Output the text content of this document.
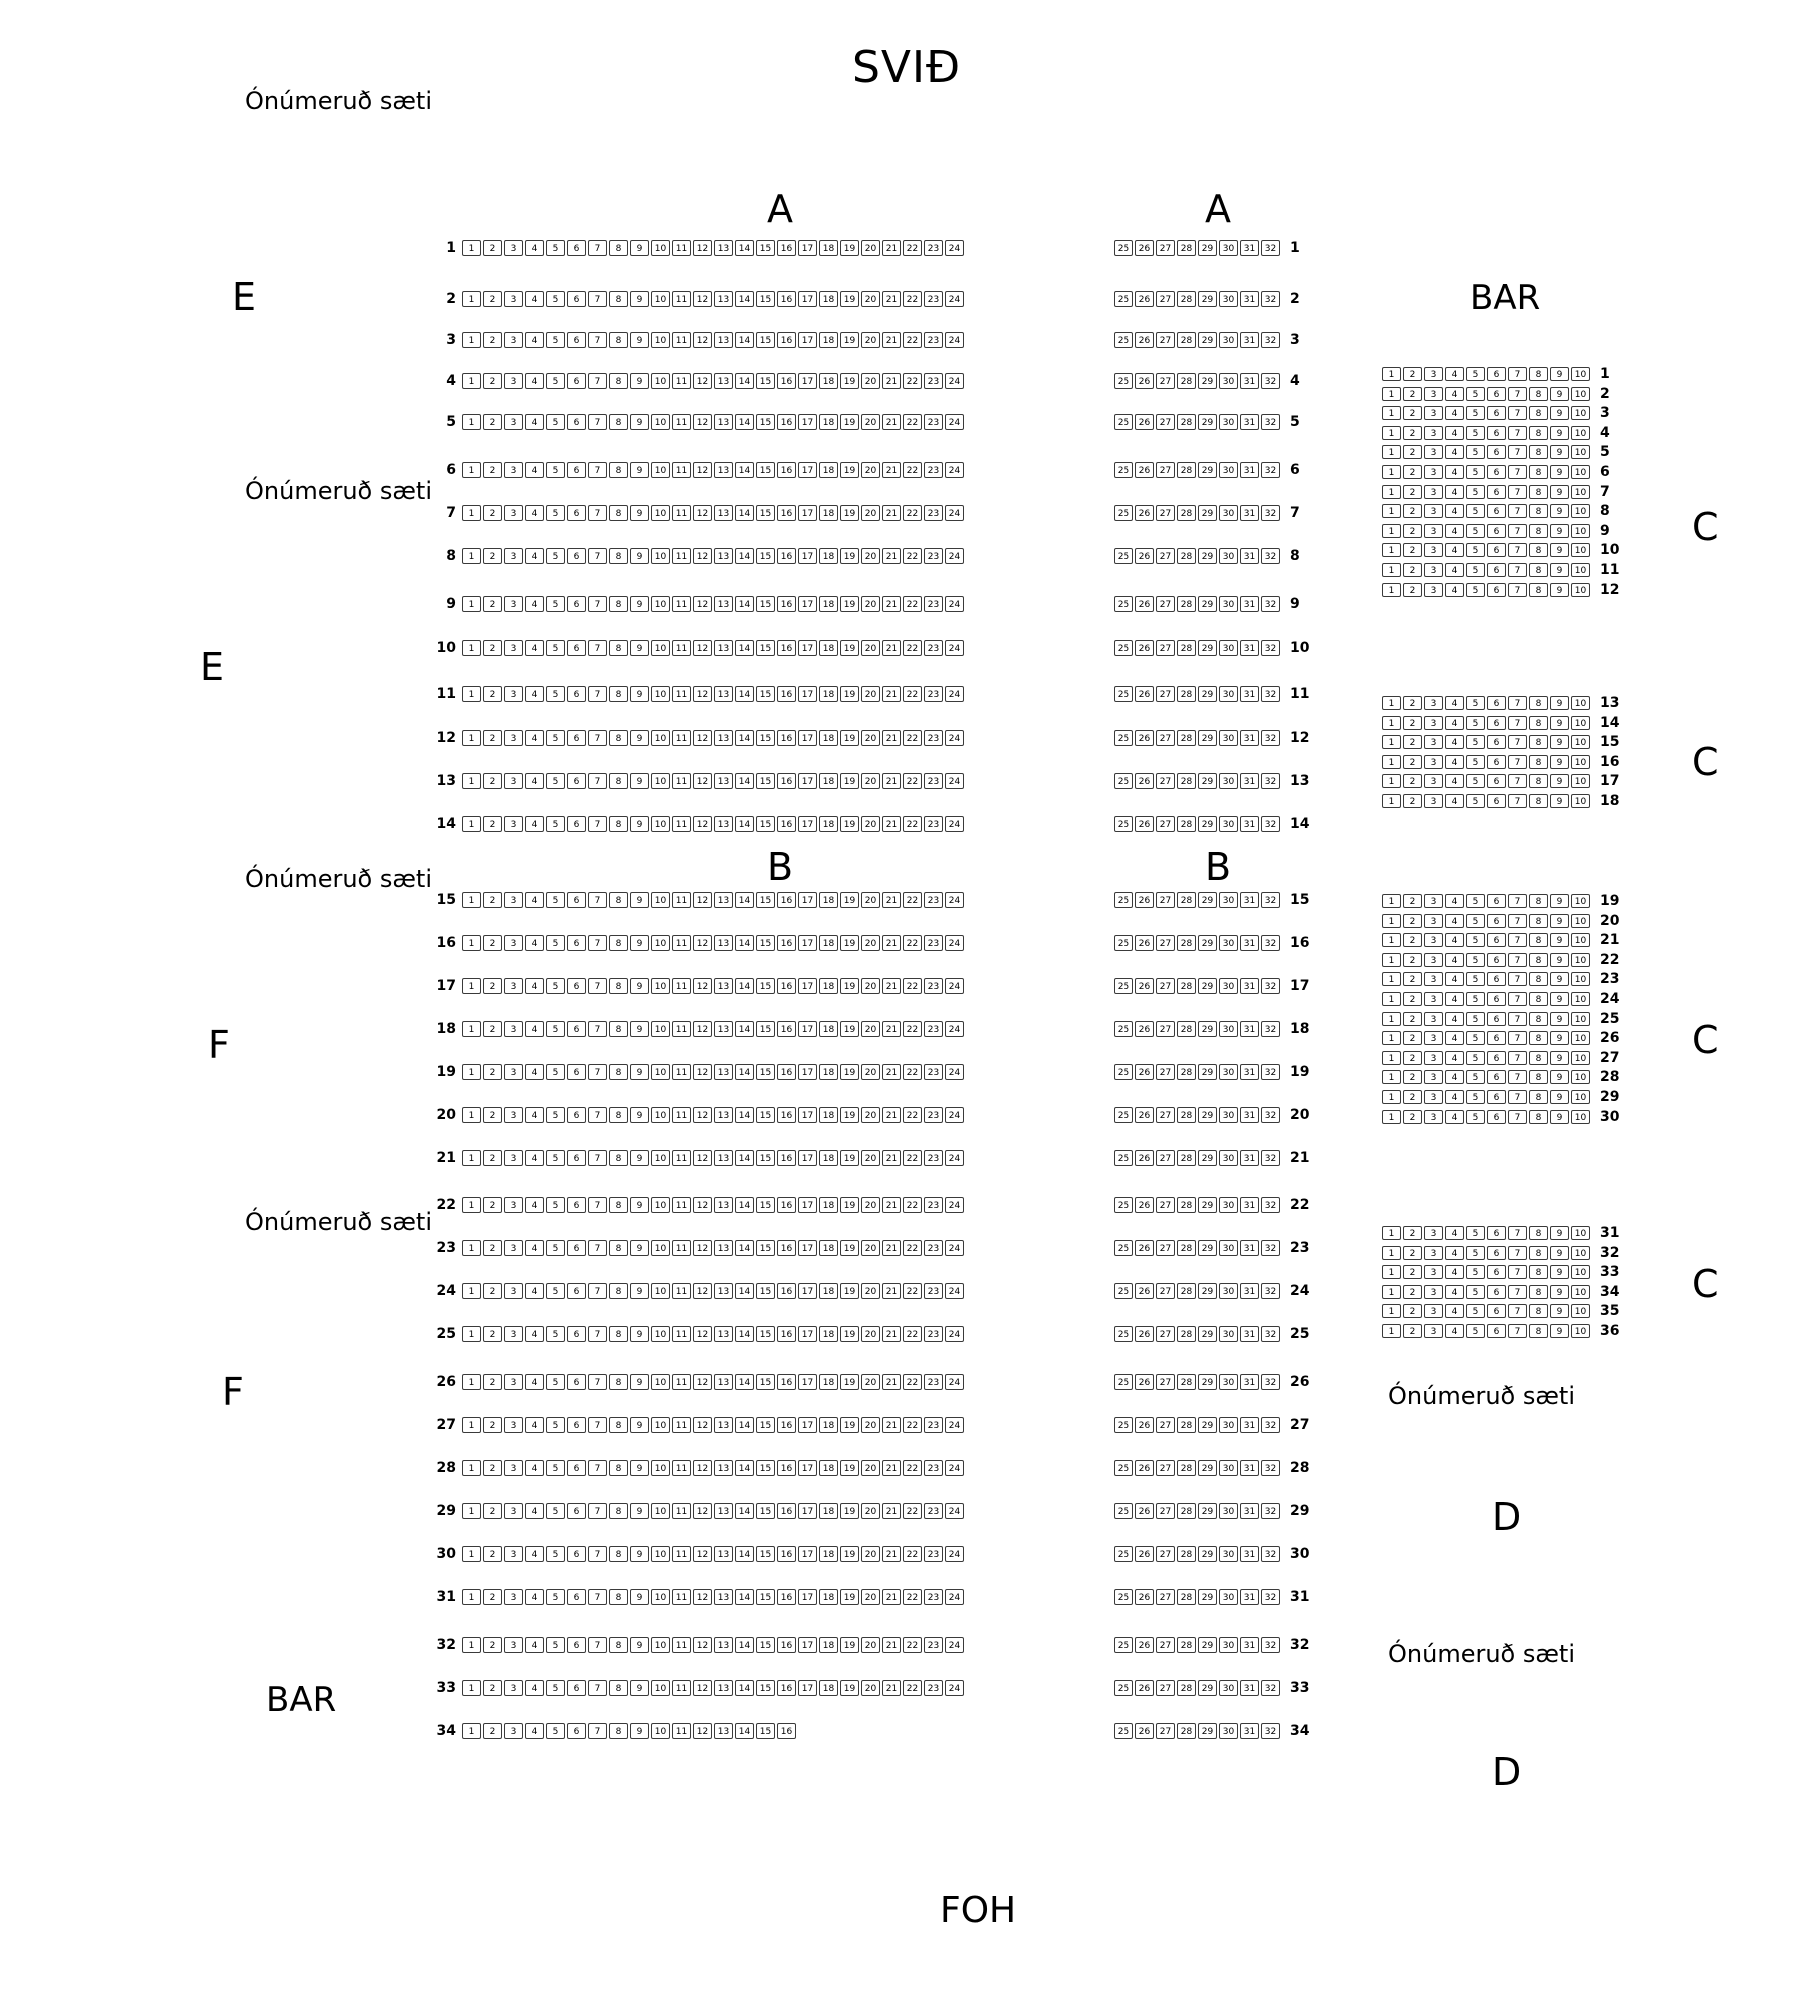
SVIÐ
Ónúmeruð sæti
E
E
Ónúmeruð sæti
Ónúmeruð sæti
F
Ónúmeruð sæti
F
BAR
A	A
B	B
BAR
C
C
C
C
Ónúmeruð sæti
D
Ónúmeruð sæti
D
FOH
1	1	2	3	4	5	6	7	8	9	10	11	12	13	14	15	16	17	18	19	20	21	22	23	24
2	1	2	3	4	5	6	7	8	9	10	11	12	13	14	15	16	17	18	19	20	21	22	23	24
3	1	2	3	4	5	6	7	8	9	10	11	12	13	14	15	16	17	18	19	20	21	22	23	24
4	1	2	3	4	5	6	7	8	9	10	11	12	13	14	15	16	17	18	19	20	21	22	23	24
5	1	2	3	4	5	6	7	8	9	10	11	12	13	14	15	16	17	18	19	20	21	22	23	24
6	1	2	3	4	5	6	7	8	9	10	11	12	13	14	15	16	17	18	19	20	21	22	23	24
7	1	2	3	4	5	6	7	8	9	10	11	12	13	14	15	16	17	18	19	20	21	22	23	24
8	1	2	3	4	5	6	7	8	9	10	11	12	13	14	15	16	17	18	19	20	21	22	23	24
9	1	2	3	4	5	6	7	8	9	10	11	12	13	14	15	16	17	18	19	20	21	22	23	24
10	1	2	3	4	5	6	7	8	9	10	11	12	13	14	15	16	17	18	19	20	21	22	23	24
11	1	2	3	4	5	6	7	8	9	10	11	12	13	14	15	16	17	18	19	20	21	22	23	24
12	1	2	3	4	5	6	7	8	9	10	11	12	13	14	15	16	17	18	19	20	21	22	23	24
13	1	2	3	4	5	6	7	8	9	10	11	12	13	14	15	16	17	18	19	20	21	22	23	24
14	1	2	3	4	5	6	7	8	9	10	11	12	13	14	15	16	17	18	19	20	21	22	23	24
15	1	2	3	4	5	6	7	8	9	10	11	12	13	14	15	16	17	18	19	20	21	22	23	24
16	1	2	3	4	5	6	7	8	9	10	11	12	13	14	15	16	17	18	19	20	21	22	23	24
17	1	2	3	4	5	6	7	8	9	10	11	12	13	14	15	16	17	18	19	20	21	22	23	24
18	1	2	3	4	5	6	7	8	9	10	11	12	13	14	15	16	17	18	19	20	21	22	23	24
19	1	2	3	4	5	6	7	8	9	10	11	12	13	14	15	16	17	18	19	20	21	22	23	24
20	1	2	3	4	5	6	7	8	9	10	11	12	13	14	15	16	17	18	19	20	21	22	23	24
21	1	2	3	4	5	6	7	8	9	10	11	12	13	14	15	16	17	18	19	20	21	22	23	24
22	1	2	3	4	5	6	7	8	9	10	11	12	13	14	15	16	17	18	19	20	21	22	23	24
23	1	2	3	4	5	6	7	8	9	10	11	12	13	14	15	16	17	18	19	20	21	22	23	24
24	1	2	3	4	5	6	7	8	9	10	11	12	13	14	15	16	17	18	19	20	21	22	23	24
25	1	2	3	4	5	6	7	8	9	10	11	12	13	14	15	16	17	18	19	20	21	22	23	24
26	1	2	3	4	5	6	7	8	9	10	11	12	13	14	15	16	17	18	19	20	21	22	23	24
27	1	2	3	4	5	6	7	8	9	10	11	12	13	14	15	16	17	18	19	20	21	22	23	24
28	1	2	3	4	5	6	7	8	9	10	11	12	13	14	15	16	17	18	19	20	21	22	23	24
29	1	2	3	4	5	6	7	8	9	10	11	12	13	14	15	16	17	18	19	20	21	22	23	24
30	1	2	3	4	5	6	7	8	9	10	11	12	13	14	15	16	17	18	19	20	21	22	23	24
31	1	2	3	4	5	6	7	8	9	10	11	12	13	14	15	16	17	18	19	20	21	22	23	24
32	1	2	3	4	5	6	7	8	9	10	11	12	13	14	15	16	17	18	19	20	21	22	23	24
33	1	2	3	4	5	6	7	8	9	10	11	12	13	14	15	16	17	18	19	20	21	22	23	24
34	1	2	3	4	5	6	7	8	9	10	11	12	13	14	15	16
25	26	27	28	29	30	31	32 1
25	26	27	28	29	30	31	32 2
25	26	27	28	29	30	31	32 3
25	26	27	28	29	30	31	32 4
25	26	27	28	29	30	31	32 5
25	26	27	28	29	30	31	32 6
25	26	27	28	29	30	31	32 7
25	26	27	28	29	30	31	32 8
25	26	27	28	29	30	31	32 9
25	26	27	28	29	30	31	32 10
25	26	27	28	29	30	31	32 11
25	26	27	28	29	30	31	32 12
25	26	27	28	29	30	31	32 13
25	26	27	28	29	30	31	32 14
25	26	27	28	29	30	31	32 15
25	26	27	28	29	30	31	32 16
25	26	27	28	29	30	31	32 17
25	26	27	28	29	30	31	32 18
25	26	27	28	29	30	31	32 19
25	26	27	28	29	30	31	32 20
25	26	27	28	29	30	31	32 21
25	26	27	28	29	30	31	32 22
25	26	27	28	29	30	31	32 23
25	26	27	28	29	30	31	32 24
25	26	27	28	29	30	31	32 25
25	26	27	28	29	30	31	32 26
25	26	27	28	29	30	31	32 27
25	26	27	28	29	30	31	32 28
25	26	27	28	29	30	31	32 29
25	26	27	28	29	30	31	32 30
25	26	27	28	29	30	31	32 31
25	26	27	28	29	30	31	32 32
25	26	27	28	29	30	31	32 33
25	26	27	28	29	30	31	32 34
1	2	3	4	5	6	7	8	9	10 1
1	2	3	4	5	6	7	8	9	10 2
1	2	3	4	5	6	7	8	9	10 3
1	2	3	4	5	6	7	8	9	10 4
1	2	3	4	5	6	7	8	9	10 5
1	2	3	4	5	6	7	8	9	10 6
1	2	3	4	5	6	7	8	9	10 7
1	2	3	4	5	6	7	8	9	10 8
1	2	3	4	5	6	7	8	9	10 9
1	2	3	4	5	6	7	8	9	10 10
1	2	3	4	5	6	7	8	9	10 11
1	2	3	4	5	6	7	8	9	10 12
1	2	3	4	5	6	7	8	9	10 13
1	2	3	4	5	6	7	8	9	10 14
1	2	3	4	5	6	7	8	9	10 15
1	2	3	4	5	6	7	8	9	10 16
1	2	3	4	5	6	7	8	9	10 17
1	2	3	4	5	6	7	8	9	10 18
1	2	3	4	5	6	7	8	9	10 19
1	2	3	4	5	6	7	8	9	10 20
1	2	3	4	5	6	7	8	9	10 21
1	2	3	4	5	6	7	8	9	10 22
1	2	3	4	5	6	7	8	9	10 23
1	2	3	4	5	6	7	8	9	10 24
1	2	3	4	5	6	7	8	9	10 25
1	2	3	4	5	6	7	8	9	10 26
1	2	3	4	5	6	7	8	9	10 27
1	2	3	4	5	6	7	8	9	10 28
1	2	3	4	5	6	7	8	9	10 29
1	2	3	4	5	6	7	8	9	10 30
1	2	3	4	5	6	7	8	9	10 31
1	2	3	4	5	6	7	8	9	10 32
1	2	3	4	5	6	7	8	9	10 33
1	2	3	4	5	6	7	8	9	10 34
1	2	3	4	5	6	7	8	9	10 35
1	2	3	4	5	6	7	8	9	10 36
